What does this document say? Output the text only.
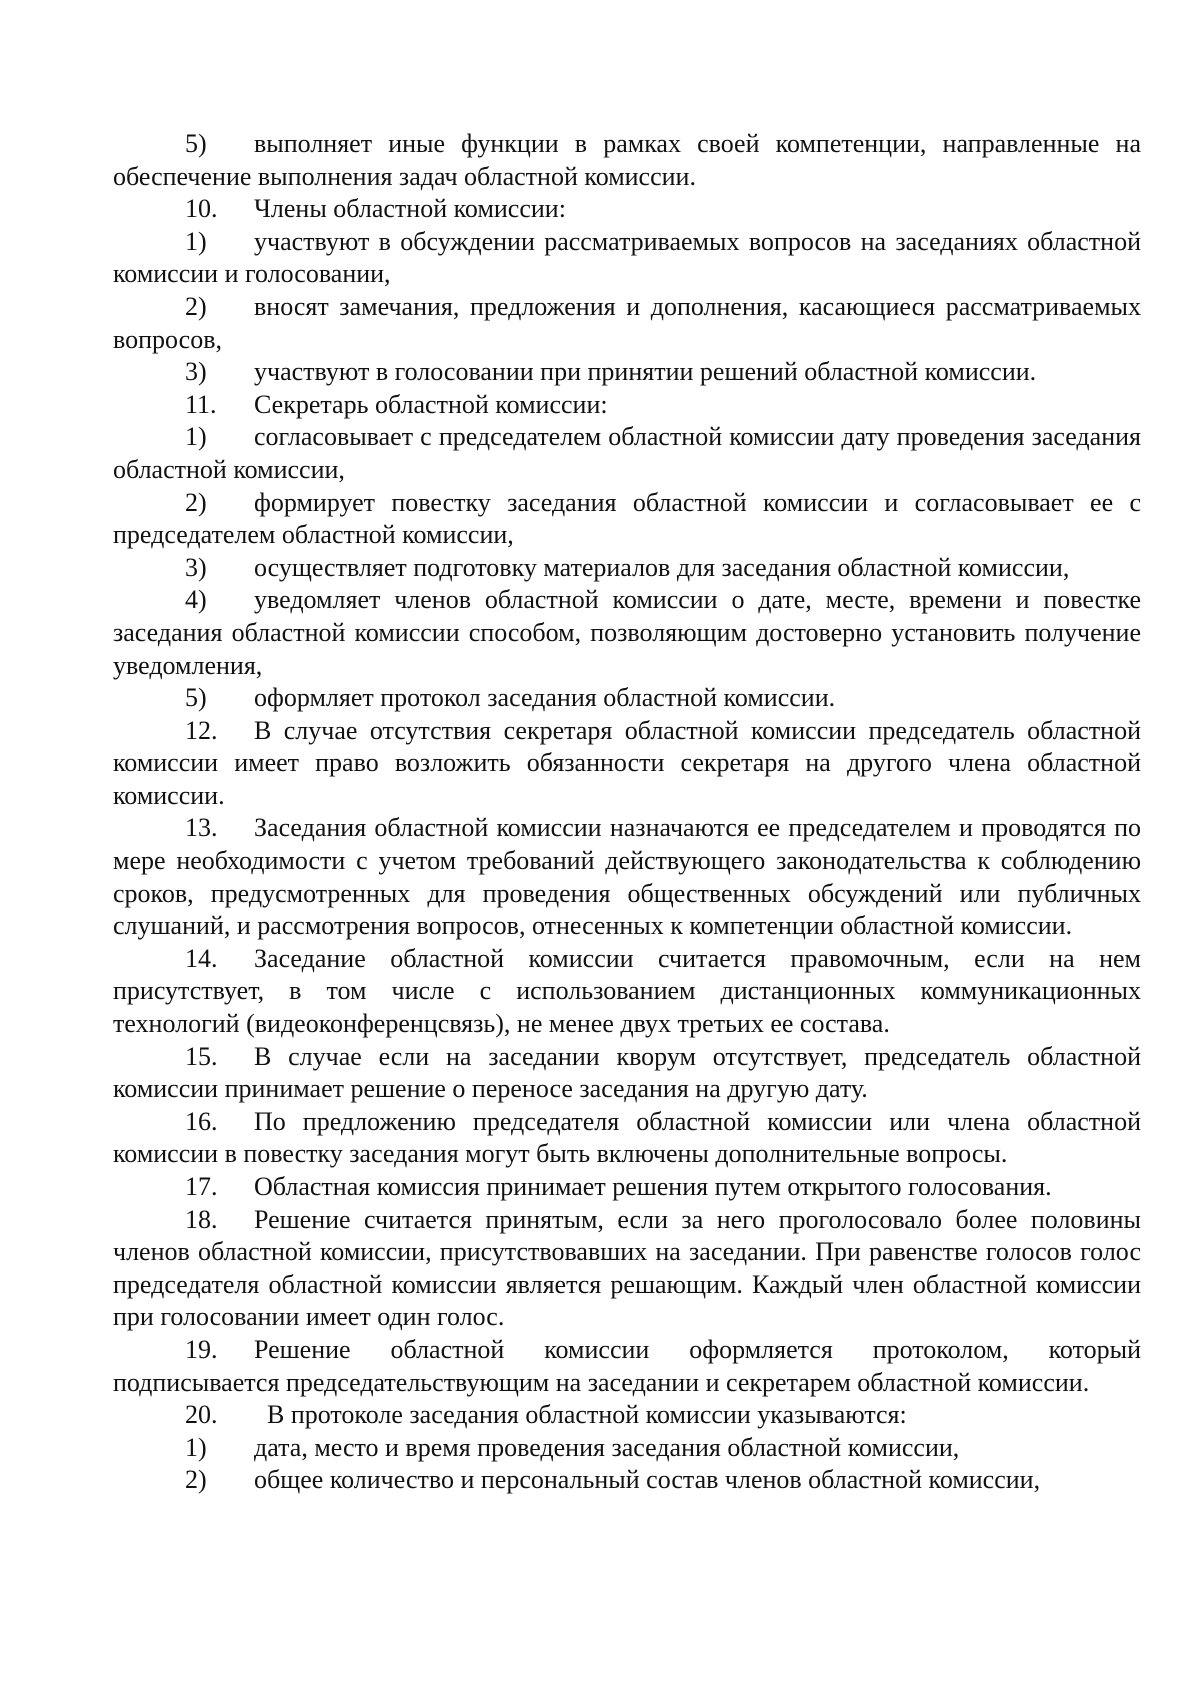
5) выполняет иные функции в рамках своей компетенции, направленные на обеспечение выполнения задач областной комиссии.

10. Члены областной комиссии:

1) участвуют в обсуждении рассматриваемых вопросов на заседаниях областной комиссии и голосовании,

2) вносят замечания, предложения и дополнения, касающиеся рассматриваемых вопросов,

3) участвуют в голосовании при принятии решений областной комиссии.

11. Секретарь областной комиссии:

1) согласовывает с председателем областной комиссии дату проведения заседания областной комиссии,

2) формирует повестку заседания областной комиссии и согласовывает ее с председателем областной комиссии,

3) осуществляет подготовку материалов для заседания областной комиссии,

4) уведомляет членов областной комиссии о дате, месте, времени и повестке заседания областной комиссии способом, позволяющим достоверно установить получение уведомления,

5) оформляет протокол заседания областной комиссии.

12. В случае отсутствия секретаря областной комиссии председатель областной комиссии имеет право возложить обязанности секретаря на другого члена областной комиссии.

13. Заседания областной комиссии назначаются ее председателем и проводятся по мере необходимости с учетом требований действующего законодательства к соблюдению сроков, предусмотренных для проведения общественных обсуждений или публичных слушаний, и рассмотрения вопросов, отнесенных к компетенции областной комиссии.

14. Заседание областной комиссии считается правомочным, если на нем присутствует, в том числе с использованием дистанционных коммуникационных технологий (видеоконференцсвязь), не менее двух третьих ее состава.

15. В случае если на заседании кворум отсутствует, председатель областной комиссии принимает решение о переносе заседания на другую дату.

16. По предложению председателя областной комиссии или члена областной комиссии в повестку заседания могут быть включены дополнительные вопросы.

17. Областная комиссия принимает решения путем открытого голосования.

18. Решение считается принятым, если за него проголосовало более половины членов областной комиссии, присутствовавших на заседании. При равенстве голосов голос председателя областной комиссии является решающим. Каждый член областной комиссии при голосовании имеет один голос.

19. Решение областной комиссии оформляется протоколом, который подписывается председательствующим на заседании и секретарем областной комиссии.

20. В протоколе заседания областной комиссии указываются:

1) дата, место и время проведения заседания областной комиссии,

2) общее количество и персональный состав членов областной комиссии,
